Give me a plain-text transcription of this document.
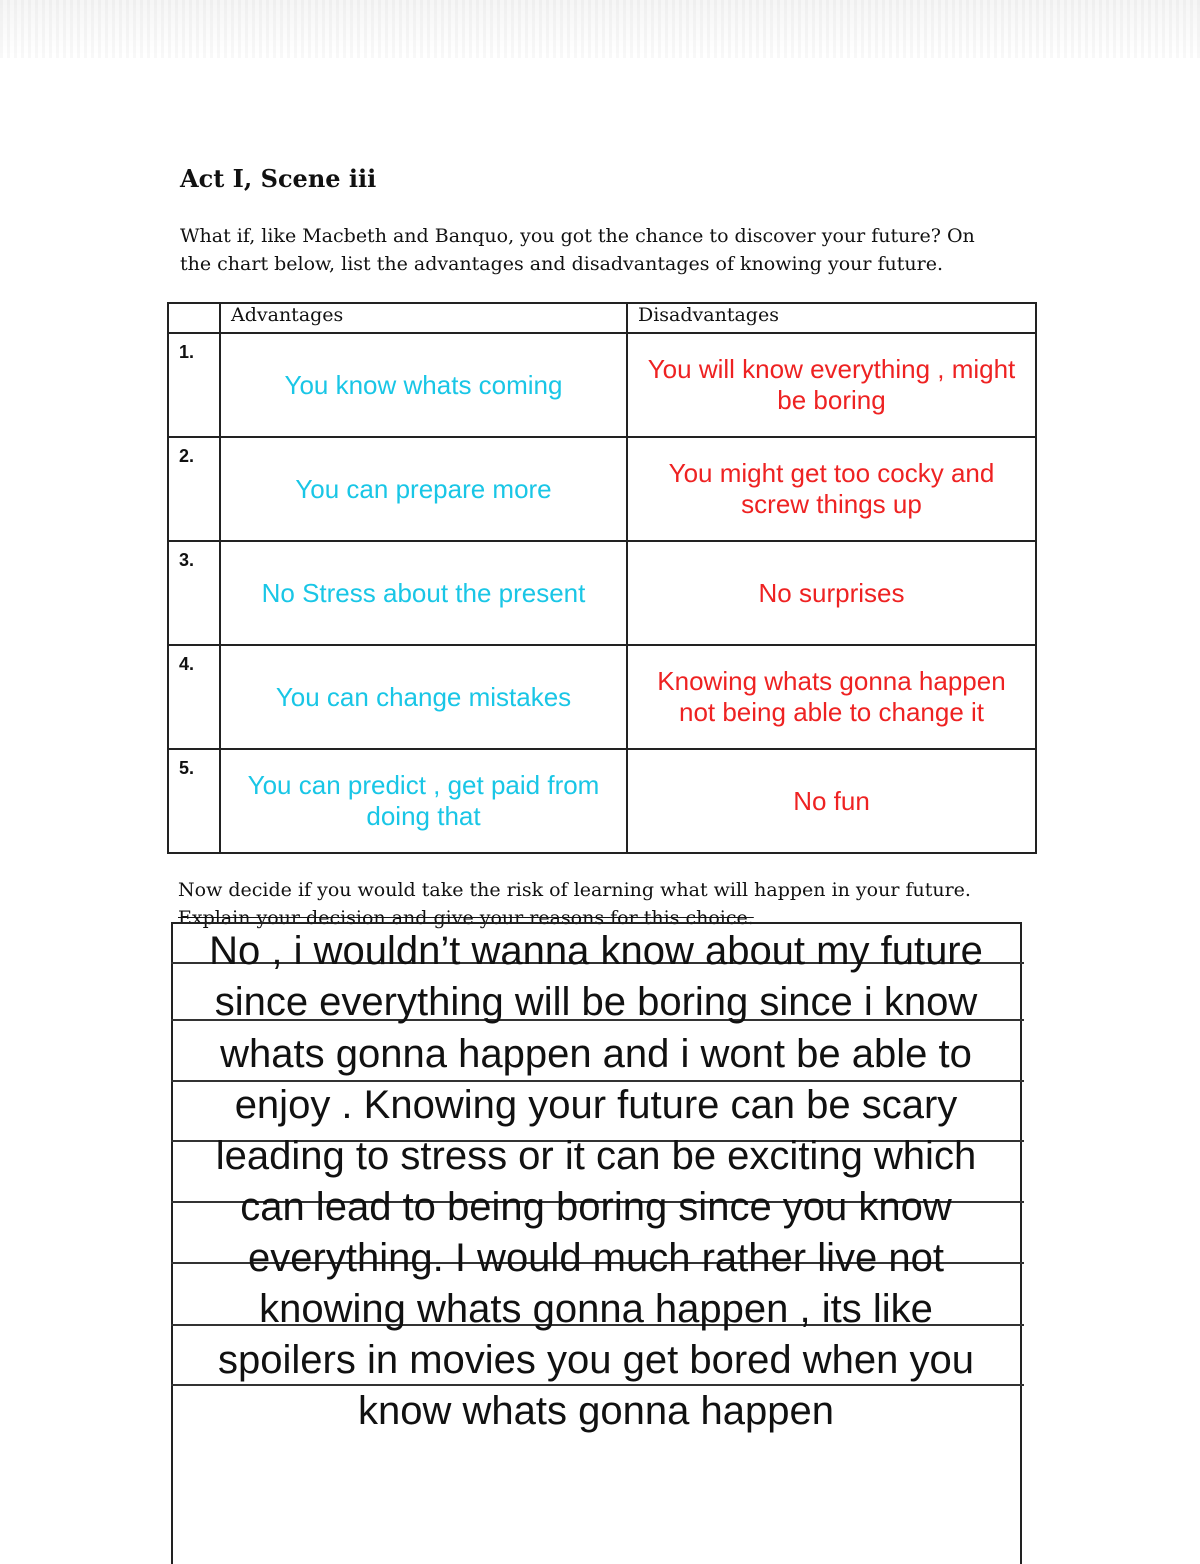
Act I, Scene iii
What if, like Macbeth and Banquo, you got the chance to discover your future? On
the chart below, list the advantages and disadvantages of knowing your future.
	Advantages	Disadvantages
1.	You know whats coming	You will know everything , might be boring
2.	You can prepare more	You might get too cocky and screw things up
3.	No Stress about the present	No surprises
4.	You can change mistakes	Knowing whats gonna happen not being able to change it
5.	You can predict , get paid from doing that	No fun
Now decide if you would take the risk of learning what will happen in your future.
Explain your decision and give your reasons for this choice.
No , i wouldn’t wanna know about my future
since everything will be boring since i know
whats gonna happen and i wont be able to
enjoy . Knowing your future can be scary
leading to stress or it can be exciting which
can lead to being boring since you know
everything. I would much rather live not
knowing whats gonna happen , its like
spoilers in movies you get bored when you
know whats gonna happen
